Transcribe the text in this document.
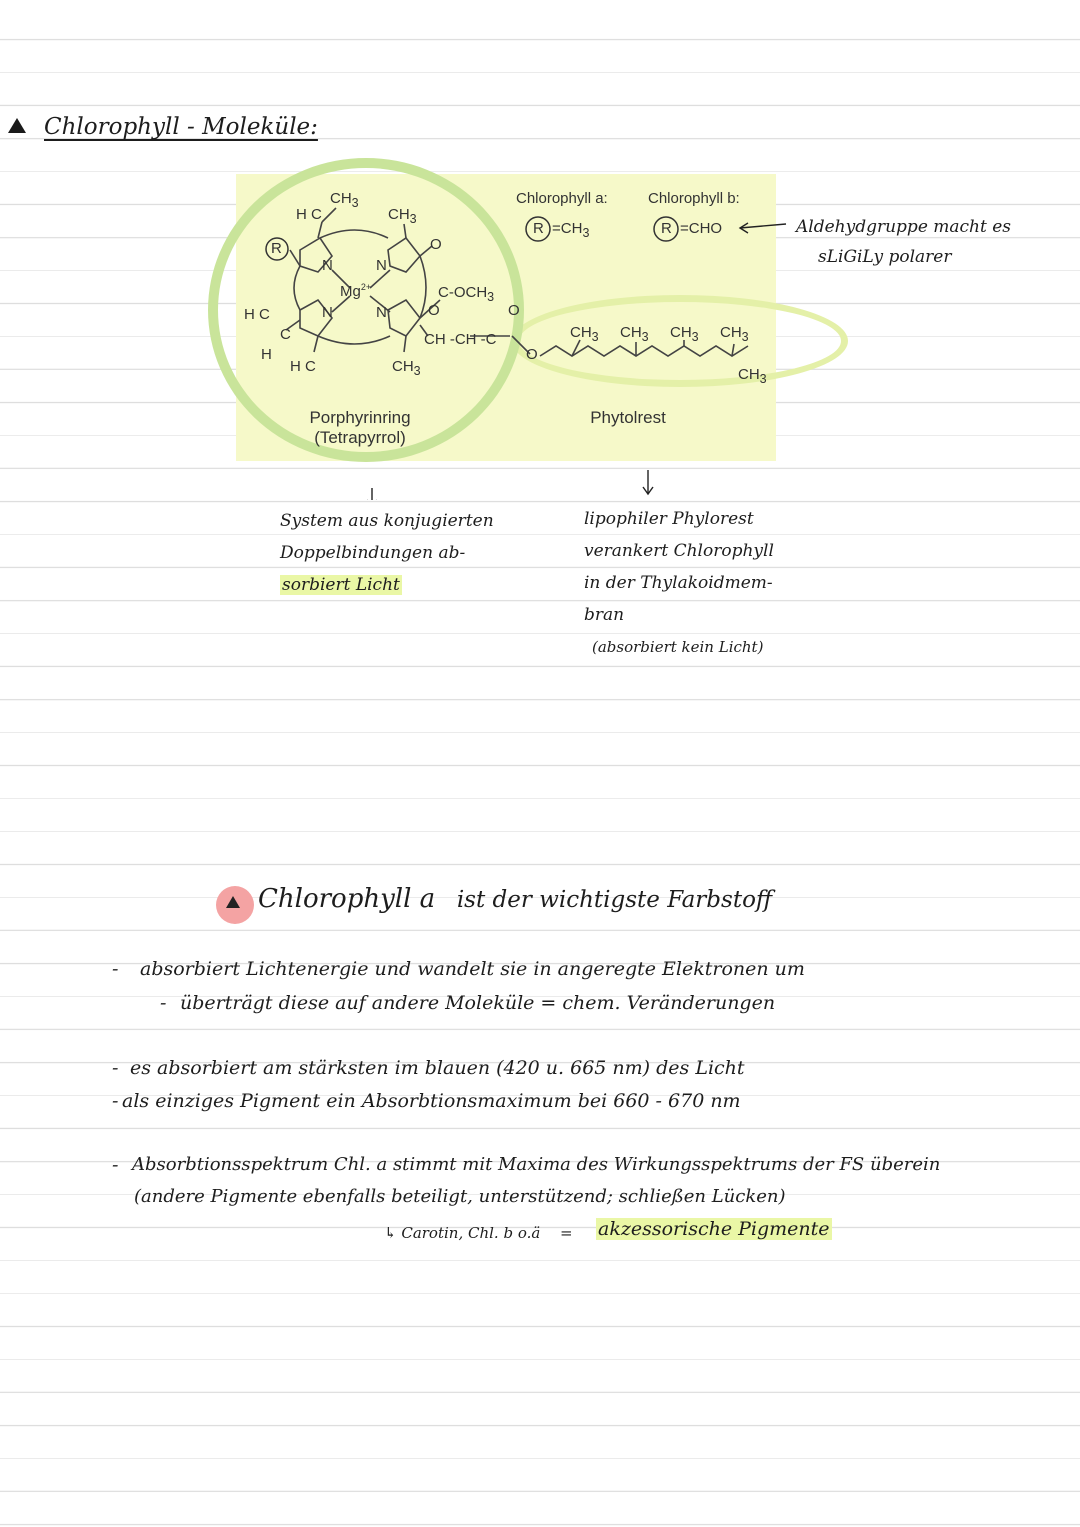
Chlorophyll - Moleküle:
R
$CH_3$
H C	$CH_3$
N	N
$Mg^{2+}$
N	N
O
$C-OCH_3$
O
H C
C
H
H C	$CH_3$
CH -CH -C
O
O
$CH_3$ $CH_3$ $CH_3$ $CH_3$
$CH_3$
Chlorophyll a:
$R =CH_3$
Chlorophyll b:
R =CHO
Porphyrinring
(Tetrapyrrol)
Phytolrest
Aldehydgruppe macht es
sLiGiLy polarer
System aus konjugierten
Doppelbindungen ab-
sorbiert Licht
lipophiler Phylorest
verankert Chlorophyll
in der Thylakoidmem-
bran
(absorbiert kein Licht)
Chlorophyll a ist der wichtigste Farbstoff
- absorbiert Lichtenergie und wandelt sie in angeregte Elektronen um
- überträgt diese auf andere Moleküle = chem. Veränderungen
- es absorbiert am stärksten im blauen (420 u. 665 nm) des Licht
- als einziges Pigment ein Absorbtionsmaximum bei 660 - 670 nm
- Absorbtionsspektrum Chl. a stimmt mit Maxima des Wirkungsspektrums der FS überein
(andere Pigmente ebenfalls beteiligt, unterstützend; schließen Lücken)
↳ Carotin, Chl. b o.ä = akzessorische Pigmente
